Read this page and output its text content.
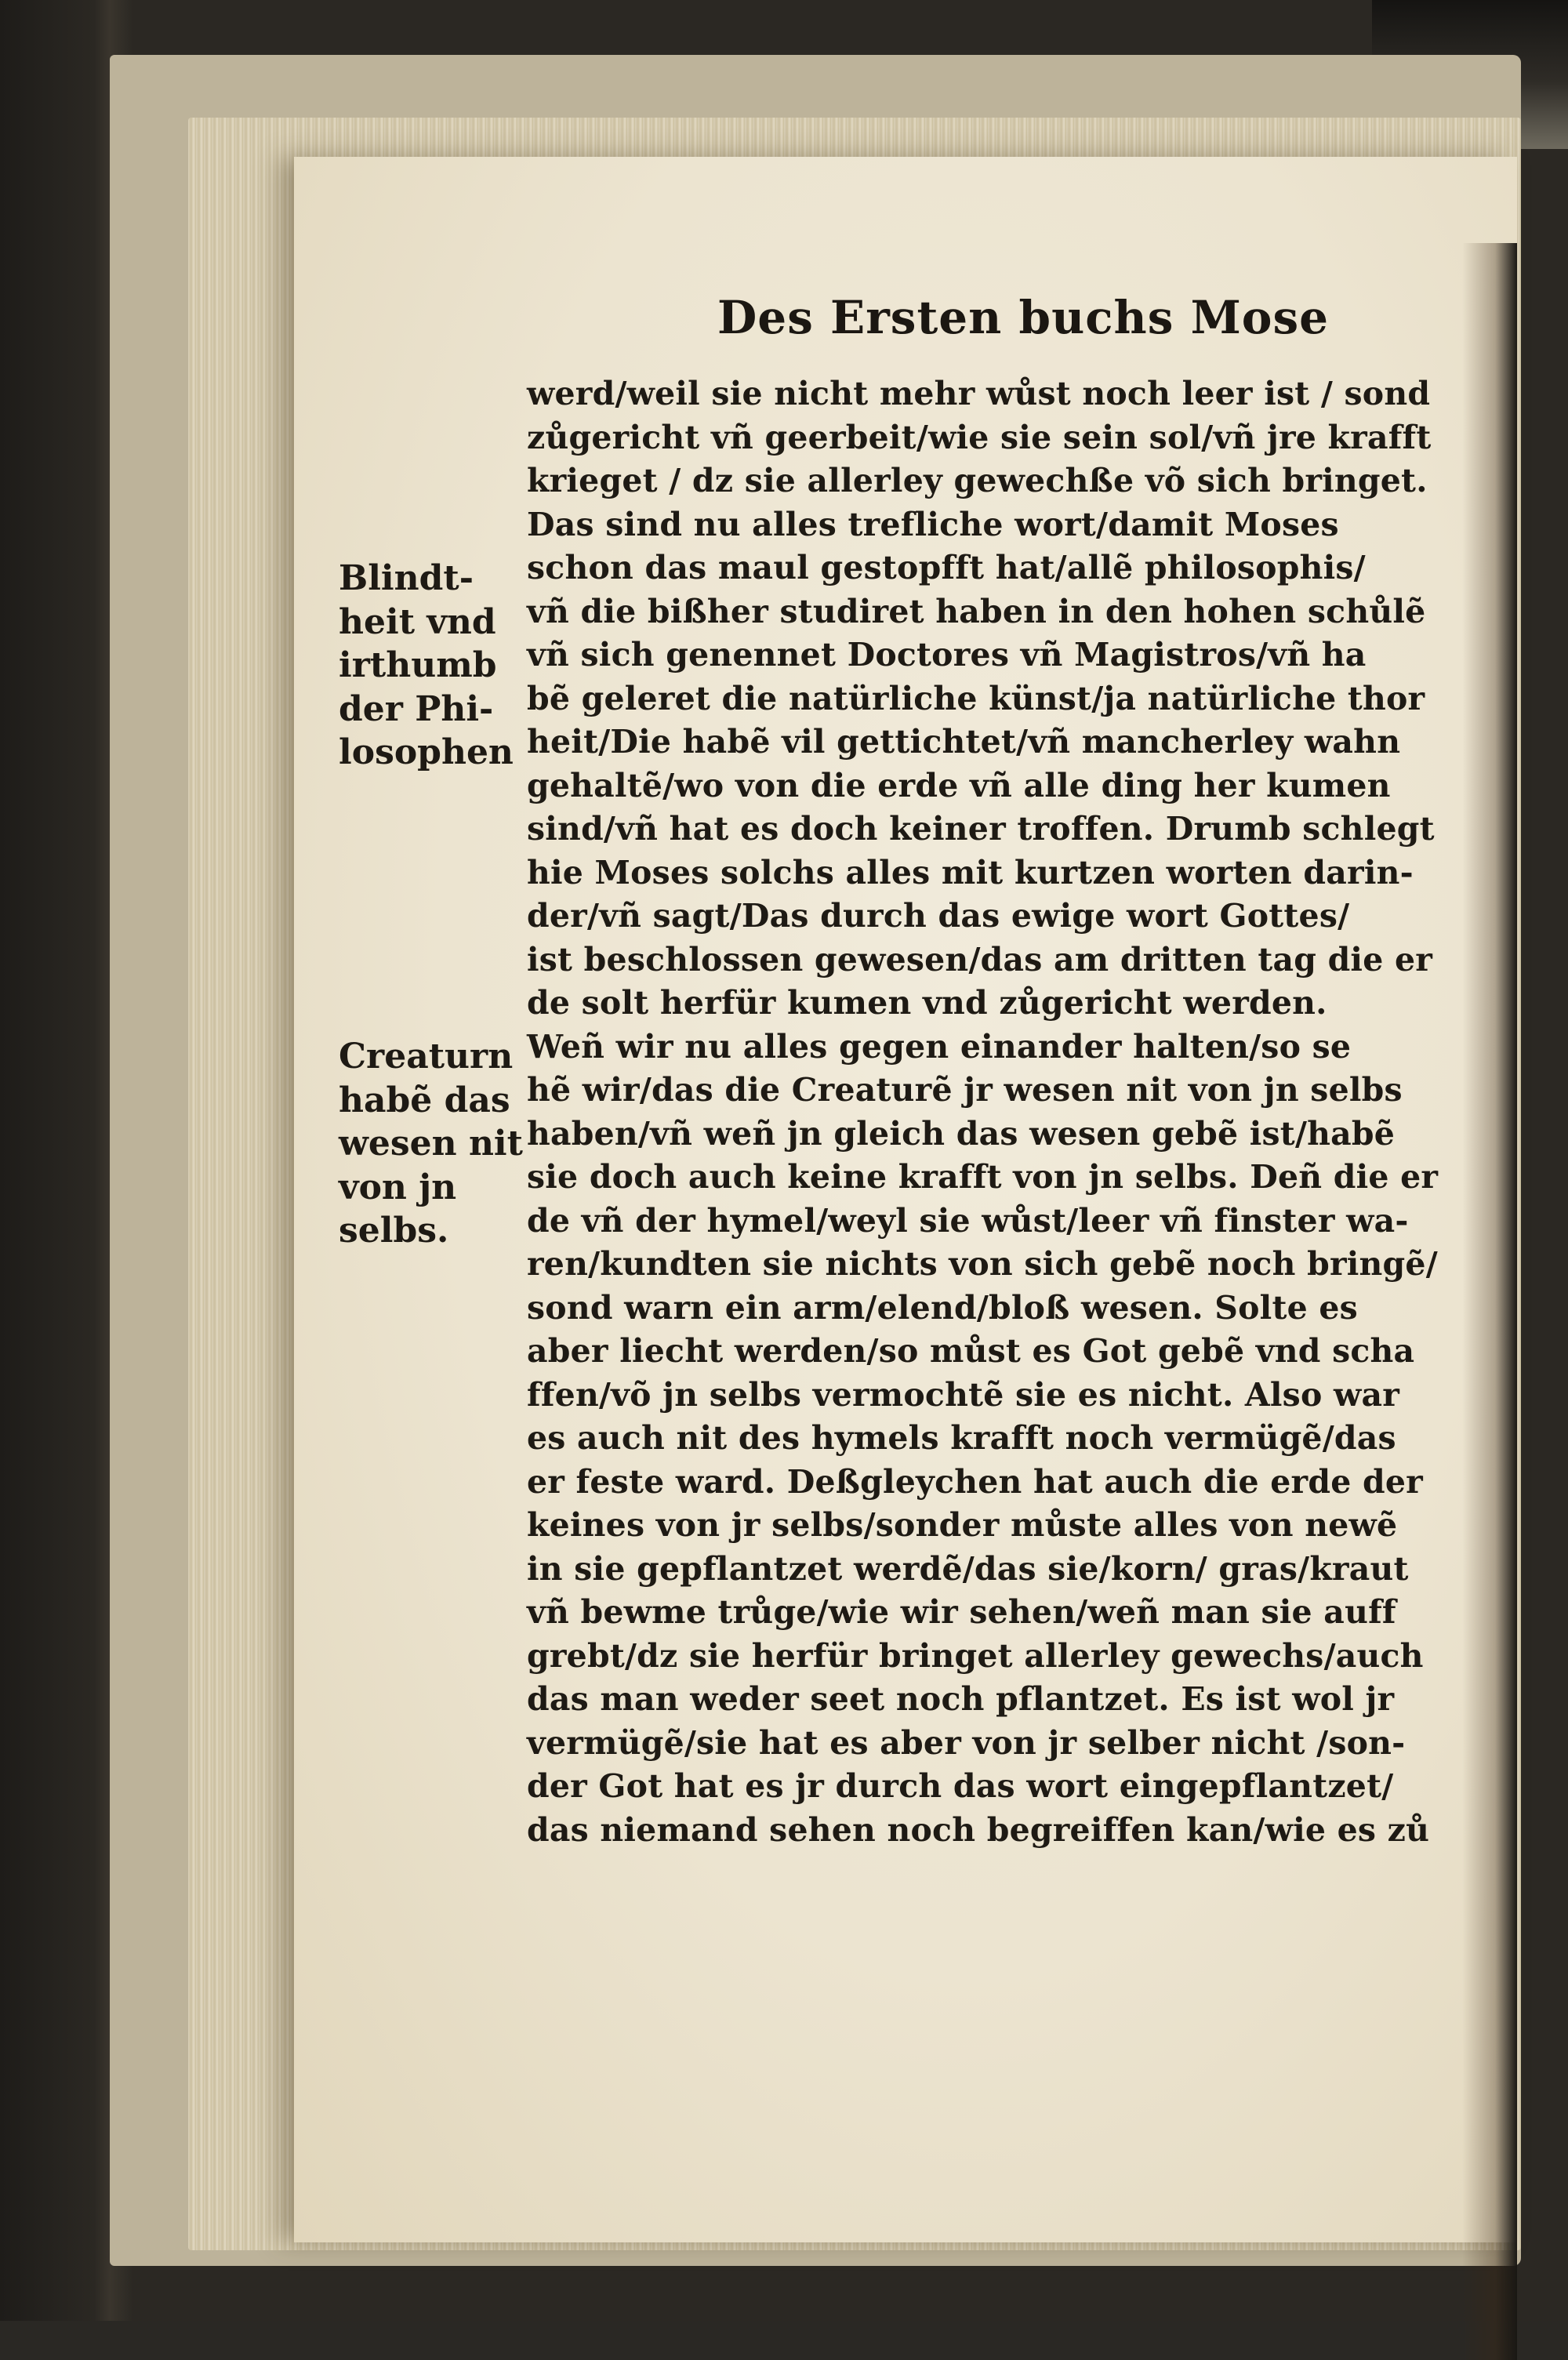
Des Ersten buchs Mose
Blindt-
heit vnd
irthumb
der Phi-
losophen
Creaturn
habẽ das
wesen nit
von jn
selbs.
werd/weil sie nicht mehr wůst noch leer ist / sond
zůgericht vñ geerbeit/wie sie sein sol/vñ jre krafft
krieget / dz sie allerley gewechße võ sich bringet.
Das sind nu alles trefliche wort/damit Moses
schon das maul gestopfft hat/allẽ philosophis/
vñ die bißher studiret haben in den hohen schůlẽ
vñ sich genennet Doctores vñ Magistros/vñ ha
bẽ geleret die natürliche künst/ja natürliche thor
heit/Die habẽ vil gettichtet/vñ mancherley wahn
gehaltẽ/wo von die erde vñ alle ding her kumen
sind/vñ hat es doch keiner troffen. Drumb schlegt
hie Moses solchs alles mit kurtzen worten darin-
der/vñ sagt/Das durch das ewige wort Gottes/
ist beschlossen gewesen/das am dritten tag die er
de solt herfür kumen vnd zůgericht werden.
Weñ wir nu alles gegen einander halten/so se
hẽ wir/das die Creaturẽ jr wesen nit von jn selbs
haben/vñ weñ jn gleich das wesen gebẽ ist/habẽ
sie doch auch keine krafft von jn selbs. Deñ die er
de vñ der hymel/weyl sie wůst/leer vñ finster wa-
ren/kundten sie nichts von sich gebẽ noch bringẽ/
sond warn ein arm/elend/bloß wesen. Solte es
aber liecht werden/so můst es Got gebẽ vnd scha
ffen/võ jn selbs vermochtẽ sie es nicht. Also war
es auch nit des hymels krafft noch vermügẽ/das
er feste ward. Deßgleychen hat auch die erde der
keines von jr selbs/sonder můste alles von newẽ
in sie gepflantzet werdẽ/das sie/korn/ gras/kraut
vñ bewme trůge/wie wir sehen/weñ man sie auff
grebt/dz sie herfür bringet allerley gewechs/auch
das man weder seet noch pflantzet. Es ist wol jr
vermügẽ/sie hat es aber von jr selber nicht /son-
der Got hat es jr durch das wort eingepflantzet/
das niemand sehen noch begreiffen kan/wie es zů
